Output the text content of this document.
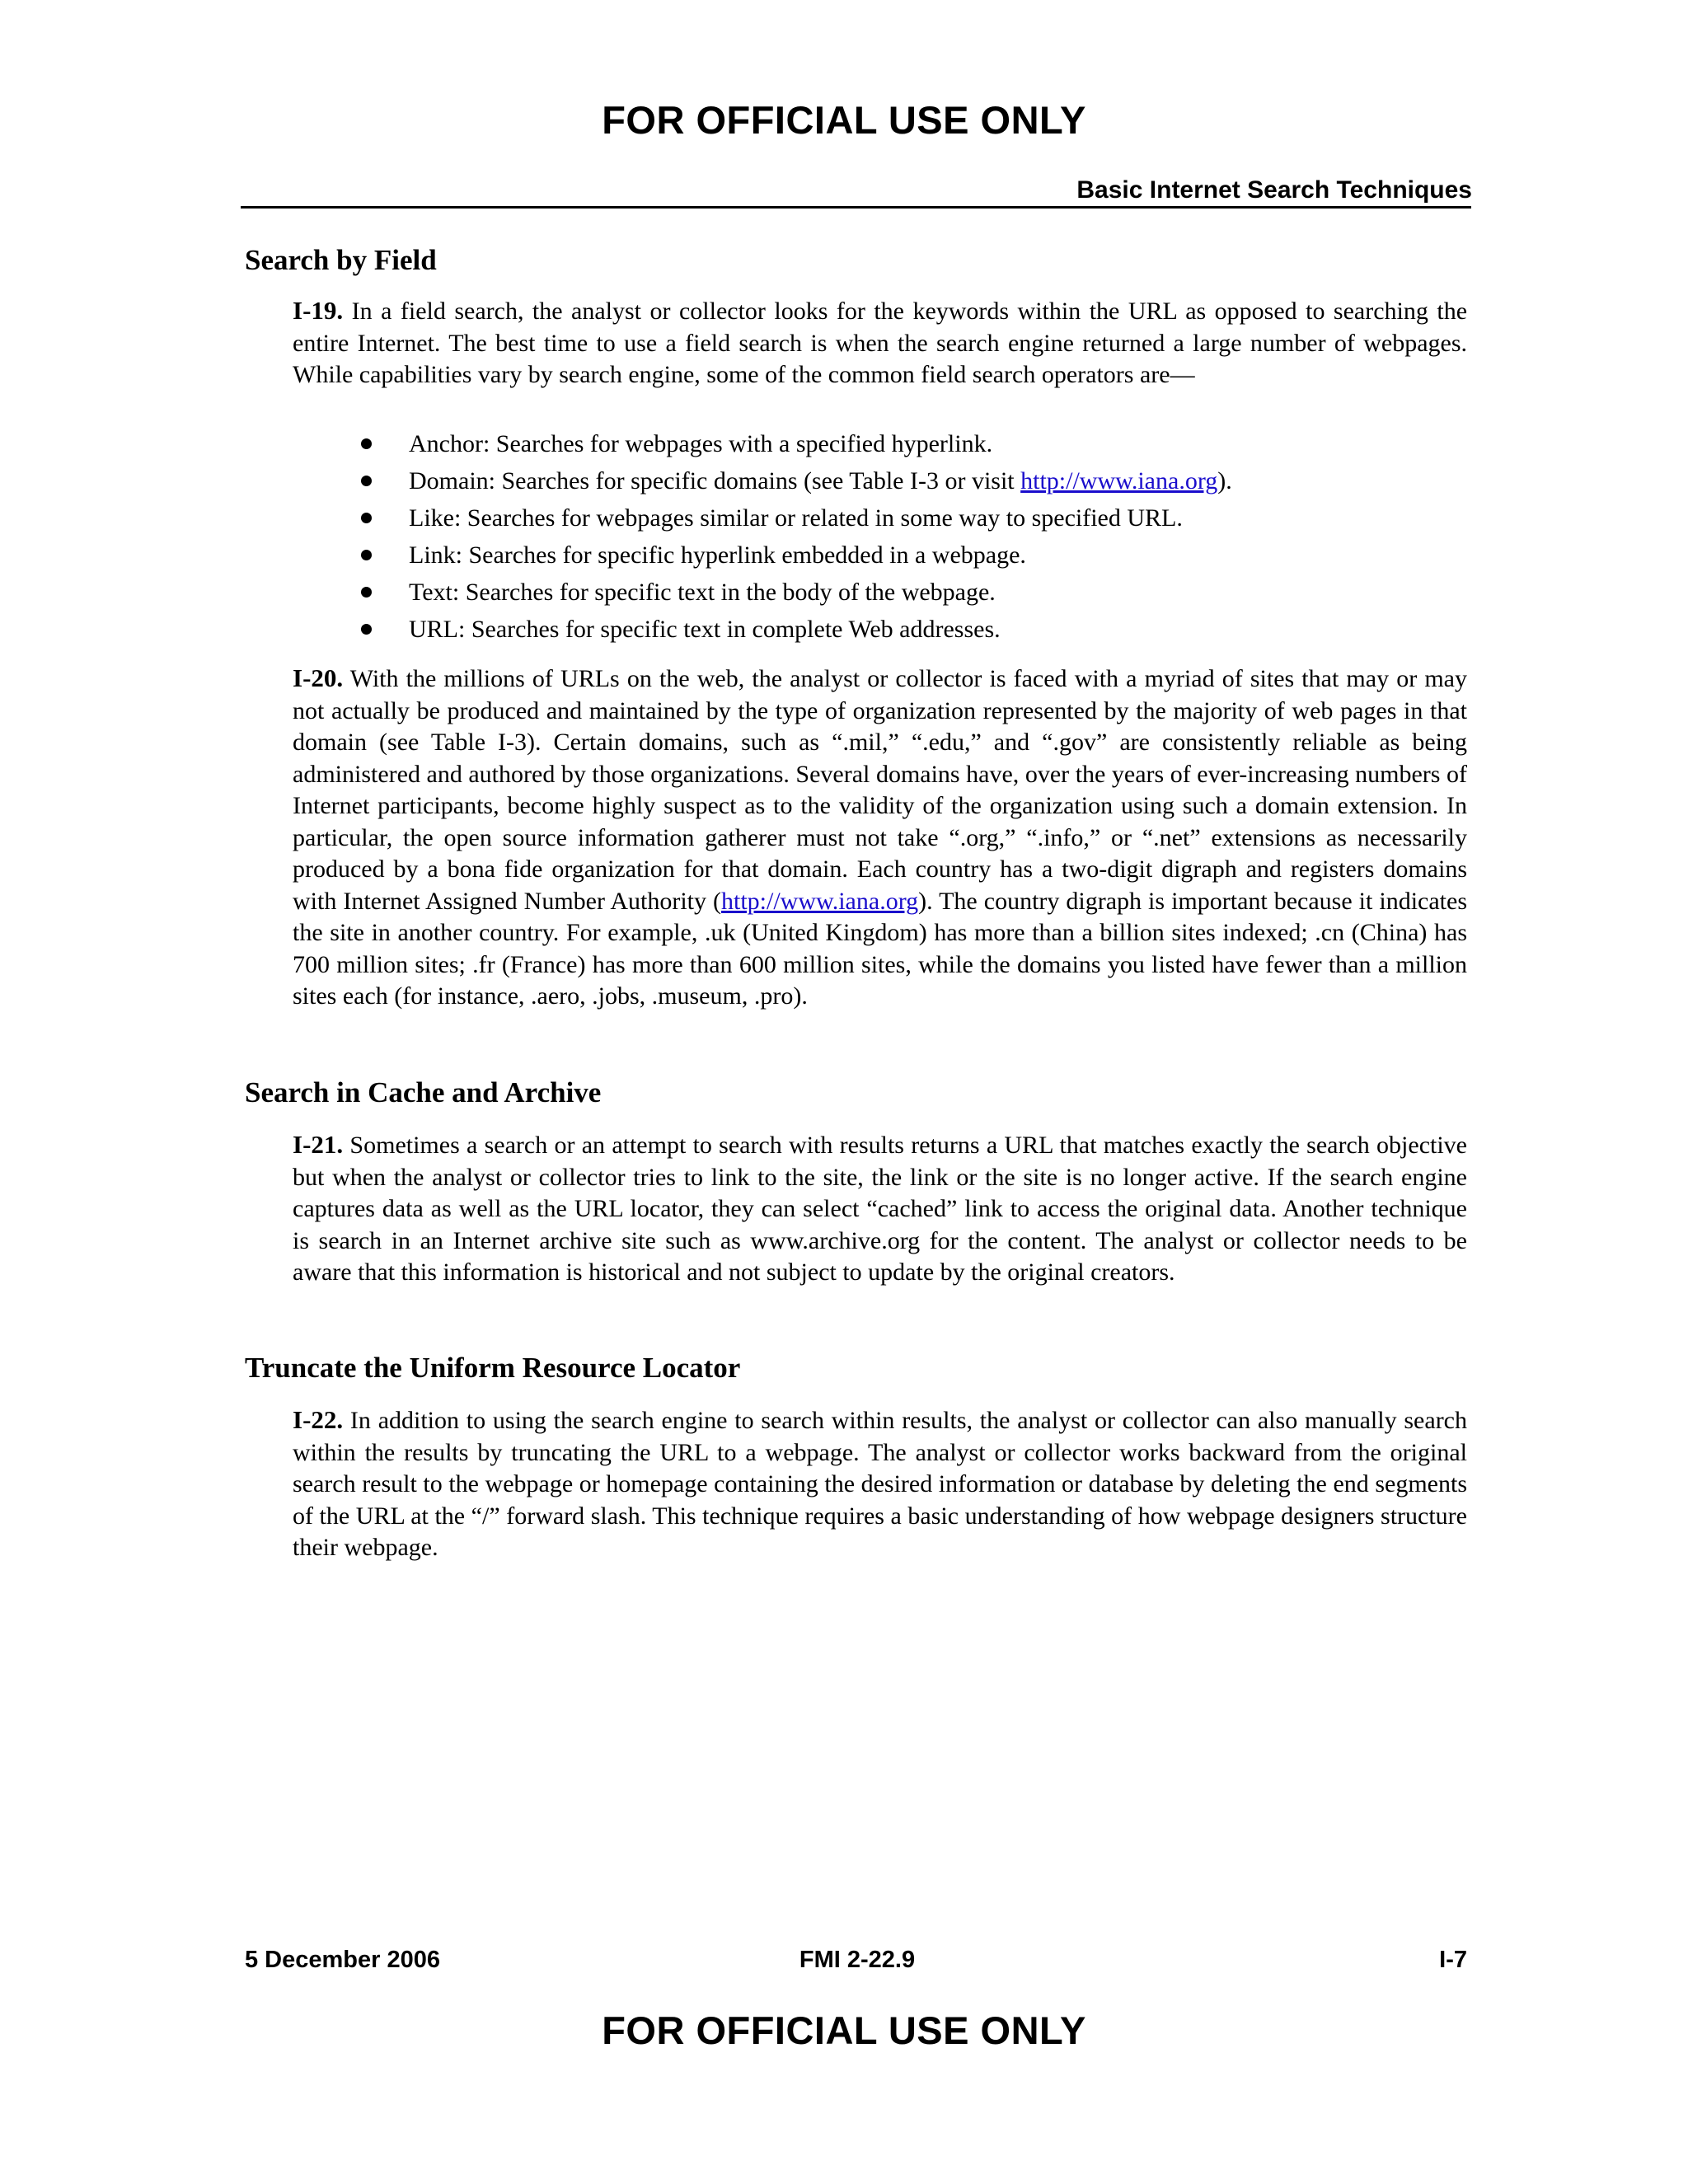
FOR OFFICIAL USE ONLY
Basic Internet Search Techniques
Search by Field
I-19. In a field search, the analyst or collector looks for the keywords within the URL as opposed to searching the entire Internet. The best time to use a field search is when the search engine returned a large number of webpages. While capabilities vary by search engine, some of the common field search operators are—
Anchor: Searches for webpages with a specified hyperlink.
Domain: Searches for specific domains (see Table I-3 or visit http://www.iana.org).
Like: Searches for webpages similar or related in some way to specified URL.
Link: Searches for specific hyperlink embedded in a webpage.
Text: Searches for specific text in the body of the webpage.
URL: Searches for specific text in complete Web addresses.
I-20. With the millions of URLs on the web, the analyst or collector is faced with a myriad of sites that may or may not actually be produced and maintained by the type of organization represented by the majority of web pages in that domain (see Table I-3). Certain domains, such as “.mil,” “.edu,” and “.gov” are consistently reliable as being administered and authored by those organizations. Several domains have, over the years of ever-increasing numbers of Internet participants, become highly suspect as to the validity of the organization using such a domain extension. In particular, the open source information gatherer must not take “.org,” “.info,” or “.net” extensions as necessarily produced by a bona fide organization for that domain. Each country has a two-digit digraph and registers domains with Internet Assigned Number Authority (http://www.iana.org). The country digraph is important because it indicates the site in another country. For example, .uk (United Kingdom) has more than a billion sites indexed; .cn (China) has 700 million sites; .fr (France) has more than 600 million sites, while the domains you listed have fewer than a million sites each (for instance, .aero, .jobs, .museum, .pro).
Search in Cache and Archive
I-21. Sometimes a search or an attempt to search with results returns a URL that matches exactly the search objective but when the analyst or collector tries to link to the site, the link or the site is no longer active. If the search engine captures data as well as the URL locator, they can select “cached” link to access the original data. Another technique is search in an Internet archive site such as www.archive.org for the content. The analyst or collector needs to be aware that this information is historical and not subject to update by the original creators.
Truncate the Uniform Resource Locator
I-22. In addition to using the search engine to search within results, the analyst or collector can also manually search within the results by truncating the URL to a webpage. The analyst or collector works backward from the original search result to the webpage or homepage containing the desired information or database by deleting the end segments of the URL at the “/” forward slash. This technique requires a basic understanding of how webpage designers structure their webpage.
5 December 2006	FMI 2-22.9	I-7
FOR OFFICIAL USE ONLY
